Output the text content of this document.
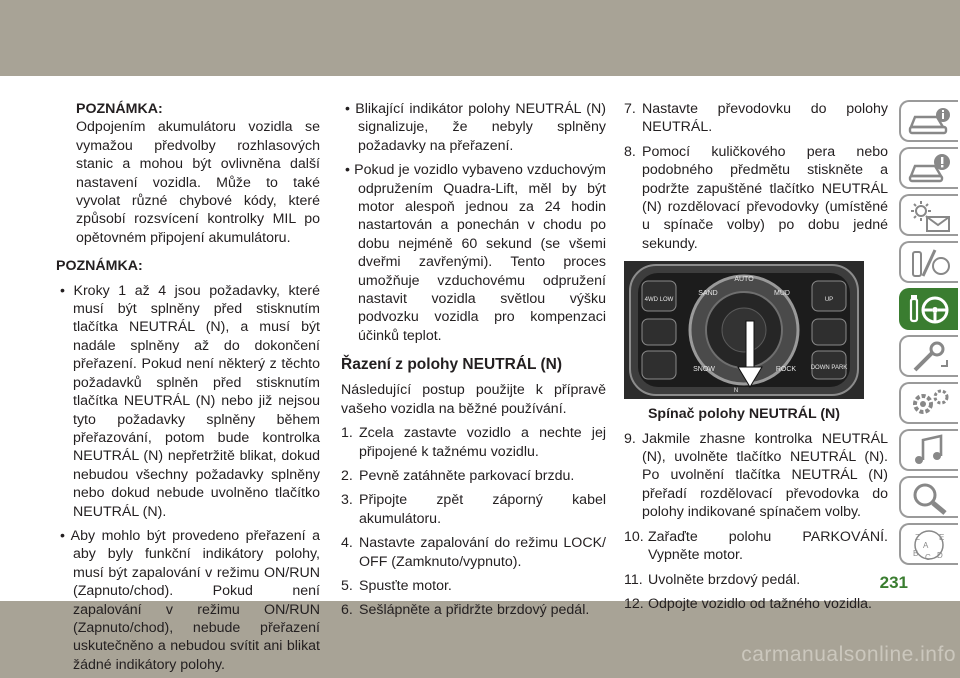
POZNÁMKA:

Odpojením akumulátoru vozidla se vymažou předvolby rozhlasových stanic a mohou být ovlivněna další nastavení vozidla. Může to také vyvolat různé chybové kódy, které způsobí rozsvícení kontrolky MIL po opětovném připojení akumulátoru.

POZNÁMKA:

• Kroky 1 až 4 jsou požadavky, které musí být splněny před stisknutím tlačítka NEUTRÁL (N), a musí být nadále splněny až do dokončení přeřazení. Pokud není některý z těchto požadavků splněn před stisknutím tlačítka NEUTRÁL (N) nebo již nejsou tyto požadavky splněny během přeřazování, potom bude kontrolka NEUTRÁL (N) nepřetržitě blikat, dokud nebudou všechny požadavky splněny nebo dokud nebude uvolněno tlačítko NEUTRÁL (N).

• Aby mohlo být provedeno přeřazení a aby byly funkční indikátory polohy, musí být zapalování v režimu ON/RUN (Zapnuto/chod). Pokud není zapalování v režimu ON/RUN (Zapnuto/chod), nebude přeřazení uskutečněno a nebudou svítit ani blikat žádné indikátory polohy.

• Blikající indikátor polohy NEUTRÁL (N) signalizuje, že nebyly splněny požadavky na přeřazení.

• Pokud je vozidlo vybaveno vzduchovým odpružením Quadra-Lift, měl by být motor alespoň jednou za 24 hodin nastartován a ponechán v chodu po dobu nejméně 60 sekund (se všemi dveřmi zavřenými). Tento proces umožňuje vzduchovému odpružení nastavit vozidla světlou výšku podvozku vozidla pro kompenzaci účinků teplot.

Řazení z polohy NEUTRÁL (N)

Následující postup použijte k přípravě vašeho vozidla na běžné používání.

1. Zcela zastavte vozidlo a nechte jej připojené k tažnému vozidlu.
2. Pevně zatáhněte parkovací brzdu.
3. Připojte zpět záporný kabel akumulátoru.
4. Nastavte zapalování do režimu LOCK/ OFF (Zamknuto/vypnuto).
5. Spusťte motor.
6. Sešlápněte a přidržte brzdový pedál.
7. Nastavte převodovku do polohy NEUTRÁL.
8. Pomocí kuličkového pera nebo podobného předmětu stiskněte a podržte zapuštěné tlačítko NEUTRÁL (N) rozdělovací převodovky (umístěné u spínače volby) po dobu jedné sekundy.
AUTO
SAND	MUD
SNOW	ROCK
4WD LOW	UP
DOWN PARK
N

Spínač polohy NEUTRÁL (N)

9. Jakmile zhasne kontrolka NEUTRÁL (N), uvolněte tlačítko NEUTRÁL (N). Po uvolnění tlačítka NEUTRÁL (N) přeřadí rozdělovací převodovka do polohy indikované spínačem volby.
10. Zařaďte polohu PARKOVÁNÍ. Vypněte motor.
11. Uvolněte brzdový pedál.
12. Odpojte vozidlo od tažného vozidla.
Z E
B C D
A
231
carmanualsonline.info
